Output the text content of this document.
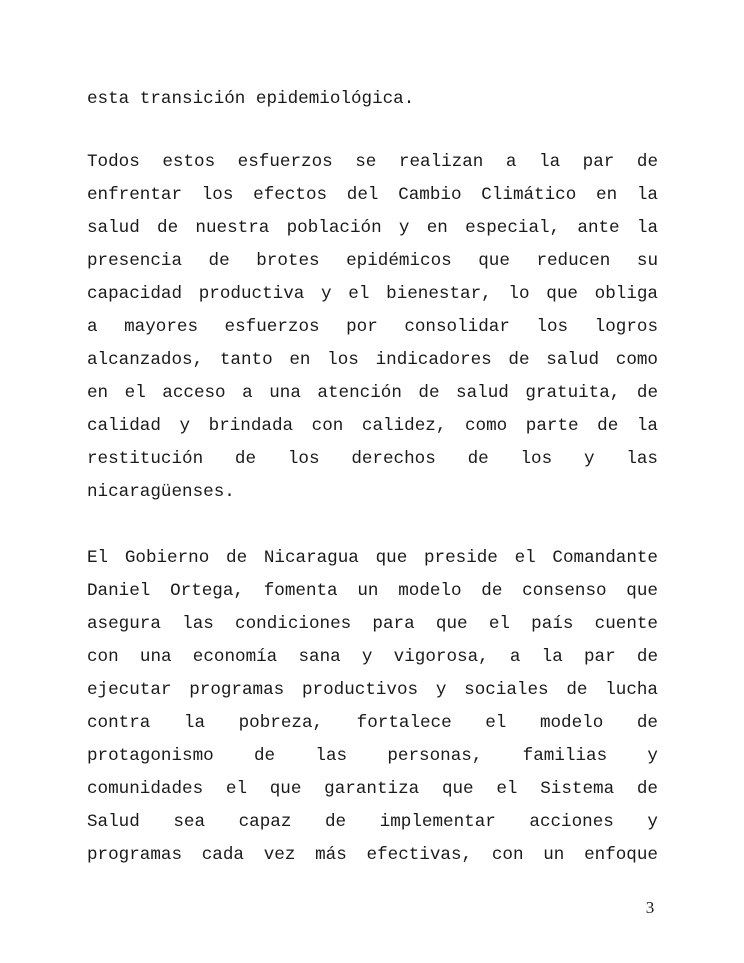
esta transición epidemiológica.
Todos estos esfuerzos se realizan a la par de
enfrentar los efectos del Cambio Climático en la
salud de nuestra población y en especial, ante la
presencia de brotes epidémicos que reducen su
capacidad productiva y el bienestar, lo que obliga
a mayores esfuerzos por consolidar los logros
alcanzados, tanto en los indicadores de salud como
en el acceso a una atención de salud gratuita, de
calidad y brindada con calidez, como parte de la
restitución de los derechos de los y las
nicaragüenses.
El Gobierno de Nicaragua que preside el Comandante
Daniel Ortega, fomenta un modelo de consenso que
asegura las condiciones para que el país cuente
con una economía sana y vigorosa, a la par de
ejecutar programas productivos y sociales de lucha
contra la pobreza, fortalece el modelo de
protagonismo de las personas, familias y
comunidades el que garantiza que el Sistema de
Salud sea capaz de implementar acciones y
programas cada vez más efectivas, con un enfoque
3
